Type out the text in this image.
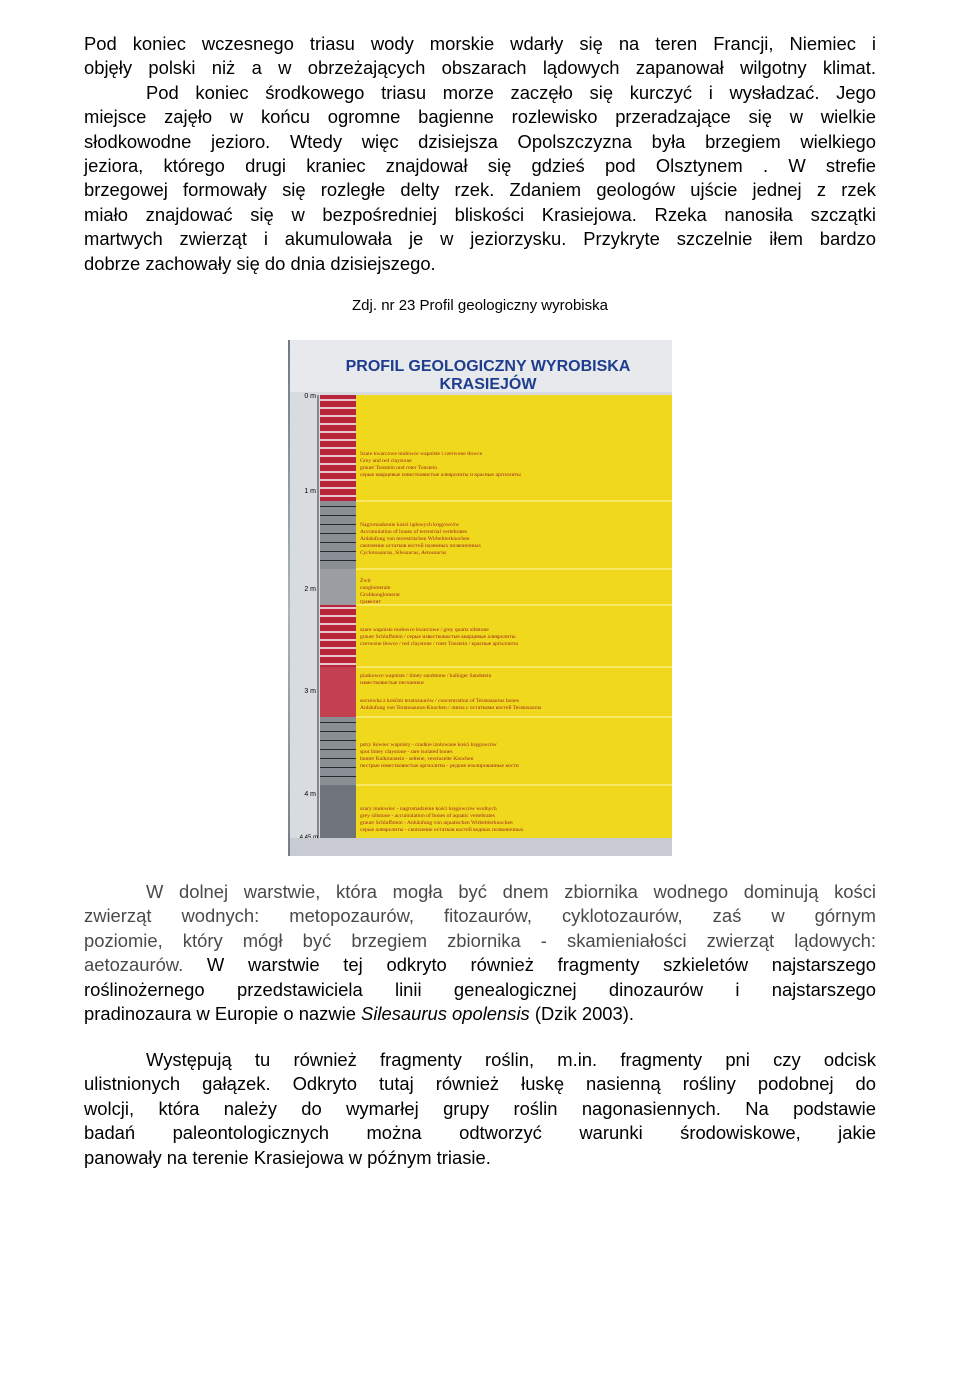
Pod koniec wczesnego triasu wody morskie wdarły się na teren Francji, Niemiec i
objęły polski niż a w obrzeżających obszarach lądowych zapanował wilgotny klimat.
Pod koniec środkowego triasu morze zaczęło się kurczyć i wysładzać. Jego
miejsce zajęło w końcu ogromne bagienne rozlewisko przeradzające się w wielkie
słodkowodne jezioro. Wtedy więc dzisiejsza Opolszczyzna była brzegiem wielkiego
jeziora, którego drugi kraniec znajdował się gdzieś pod Olsztynem . W strefie
brzegowej formowały się rozległe delty rzek. Zdaniem geologów ujście jednej z rzek
miało znajdować się w bezpośredniej bliskości Krasiejowa. Rzeka nanosiła szczątki
martwych zwierząt i akumulowała je w jeziorzysku. Przykryte szczelnie iłem bardzo
dobrze zachowały się do dnia dzisiejszego.
Zdj. nr 23 Profil geologiczny wyrobiska
PROFIL GEOLOGICZNY WYROBISKA
KRASIEJÓW
0 m
1 m
2 m
3 m
4 m
Szare kwarcowe mułowce wapniste i czerwone iłowce
Grey and red claystone
grauer Tonstein und roter Tonstein
серые кварцевые известковистые алевролиты и красные аргиллиты
Nagromadzenie kości lądowych kręgowców
Accumulation of bones of terrestrial vertebrates
Anhäufung von terrestrischen Wirbeltierknochen
скопление остатков костей наземных позвоночных
Cyclotosaurus, Silesaurus, Aetosaurus
Żwir
conglomerate
Grobkonglomerat
гравелит
szare wapniste mułowce kwarcowe / grey quartz siltstone
grauer Schluffstein / серые известковистые кварцевые алевролиты
czerwone iłowce / red claystone / roter Tonstein / красные аргиллиты
piaskowce wapniste / limey sandstone / kalkiger Sandstein
известковистые песчаники
soczewka z kośćmi teratozaurów / concentration of Teratosaurus bones
Anhäufung von Teratosaurus-Knochen / линза с остатками костей Teratosaurus
pstry iłowiec wapnisty - rzadkie izolowane kości kręgowców
spot limey claystone - rare isolated bones
bunter Kalktonstein - seltene, vereinzelte Knochen
пестрые известковистые аргиллиты - редкие изолированные кости
szary mułowiec - nagromadzenie kości kręgowców wodnych
grey siltstone - accumulation of bones of aquatic vertebrates
grauer Schluffstein - Anhäufung von aquatischen Wirbeltierknochen
серые алевролиты - скопление остатков костей водных позвоночных
W dolnej warstwie, która mogła być dnem zbiornika wodnego dominują kości
zwierząt wodnych: metopozaurów, fitozaurów, cyklotozaurów, zaś w górnym
poziomie, który mógł być brzegiem zbiornika - skamieniałości zwierząt lądowych:
aetozaurów. W warstwie tej odkryto również fragmenty szkieletów najstarszego
roślinożernego przedstawiciela linii genealogicznej dinozaurów i najstarszego
pradinozaura w Europie o nazwie Silesaurus opolensis (Dzik 2003).
Występują tu również fragmenty roślin, m.in. fragmenty pni czy odcisk
ulistnionych gałązek. Odkryto tutaj również łuskę nasienną rośliny podobnej do
wolcji, która należy do wymarłej grupy roślin nagonasiennych. Na podstawie
badań paleontologicznych można odtworzyć warunki środowiskowe, jakie
panowały na terenie Krasiejowa w późnym triasie.
